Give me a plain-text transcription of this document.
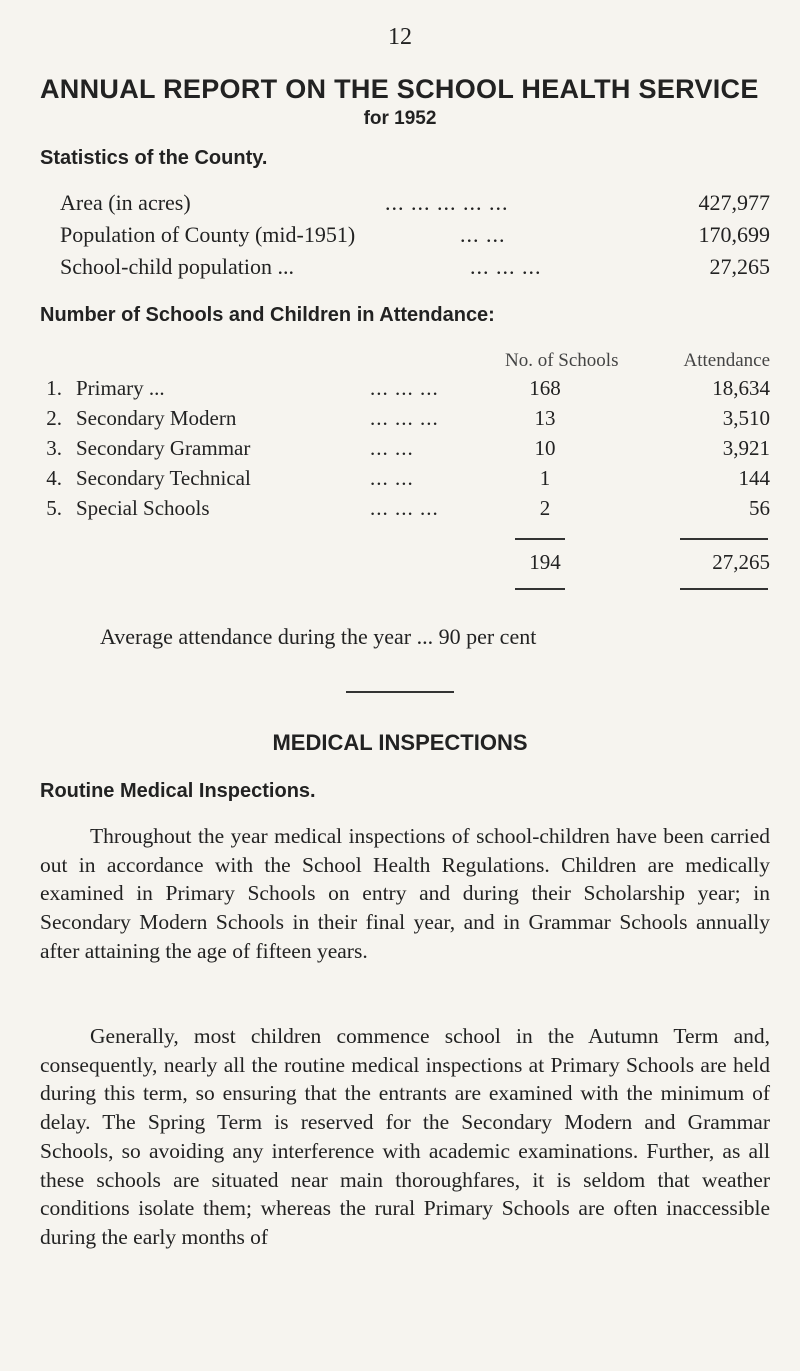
12
ANNUAL REPORT ON THE SCHOOL HEALTH SERVICE
for 1952
Statistics of the County.
Area (in acres)	... ... ... ... ...	427,977
Population of County (mid-1951)	... ...	170,699
School-child population ...	... ... ...	27,265
Number of Schools and Children in Attendance:
No. of Schools	Attendance
1. Primary ...	... ... ...	168	18,634
2. Secondary Modern	... ... ...	13	3,510
3. Secondary Grammar	... ...	10	3,921
4. Secondary Technical	... ...	1	144
5. Special Schools	... ... ...	2	56
194	27,265
Average attendance during the year ... 90 per cent
MEDICAL INSPECTIONS
Routine Medical Inspections.

Throughout the year medical inspections of school-children have been carried out in accordance with the School Health Regulations. Children are medically examined in Primary Schools on entry and during their Scholarship year; in Secondary Modern Schools in their final year, and in Grammar Schools annually after attaining the age of fifteen years.

Generally, most children commence school in the Autumn Term and, consequently, nearly all the routine medical inspections at Primary Schools are held during this term, so ensuring that the entrants are examined with the minimum of delay. The Spring Term is reserved for the Secondary Modern and Grammar Schools, so avoiding any interference with academic examinations. Further, as all these schools are situated near main thoroughfares, it is seldom that weather conditions isolate them; whereas the rural Primary Schools are often inaccessible during the early months of
